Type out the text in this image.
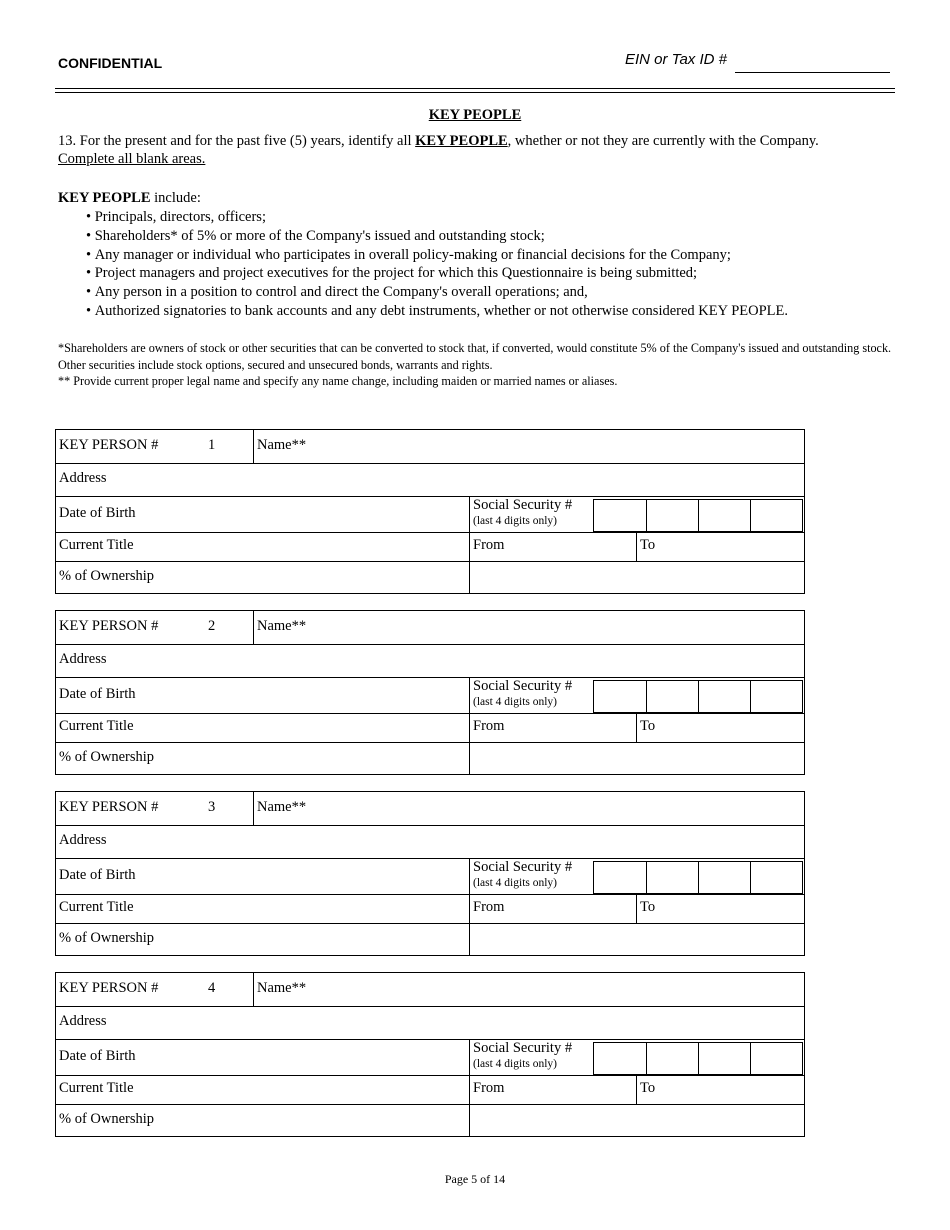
CONFIDENTIAL	EIN or Tax ID #
KEY PEOPLE
13. For the present and for the past five (5) years, identify all KEY PEOPLE, whether or not they are currently with the Company.
Complete all blank areas.
KEY PEOPLE include:
• Principals, directors, officers;
• Shareholders* of 5% or more of the Company's issued and outstanding stock;
• Any manager or individual who participates in overall policy-making or financial decisions for the Company;
• Project managers and project executives for the project for which this Questionnaire is being submitted;
• Any person in a position to control and direct the Company's overall operations; and,
• Authorized signatories to bank accounts and any debt instruments, whether or not otherwise considered KEY PEOPLE.
*Shareholders are owners of stock or other securities that can be converted to stock that, if converted, would constitute 5% of the Company's issued and outstanding stock. Other securities include stock options, secured and unsecured bonds, warrants and rights.
** Provide current proper legal name and specify any name change, including maiden or married names or aliases.
KEY PERSON #	1	Name**
Address
Date of Birth	Social Security #
(last 4 digits only)
Current Title	From	To
% of Ownership
KEY PERSON #	2	Name**
Address
Date of Birth	Social Security #
(last 4 digits only)
Current Title	From	To
% of Ownership
KEY PERSON #	3	Name**
Address
Date of Birth	Social Security #
(last 4 digits only)
Current Title	From	To
% of Ownership
KEY PERSON #	4	Name**
Address
Date of Birth	Social Security #
(last 4 digits only)
Current Title	From	To
% of Ownership
Page 5 of 14
